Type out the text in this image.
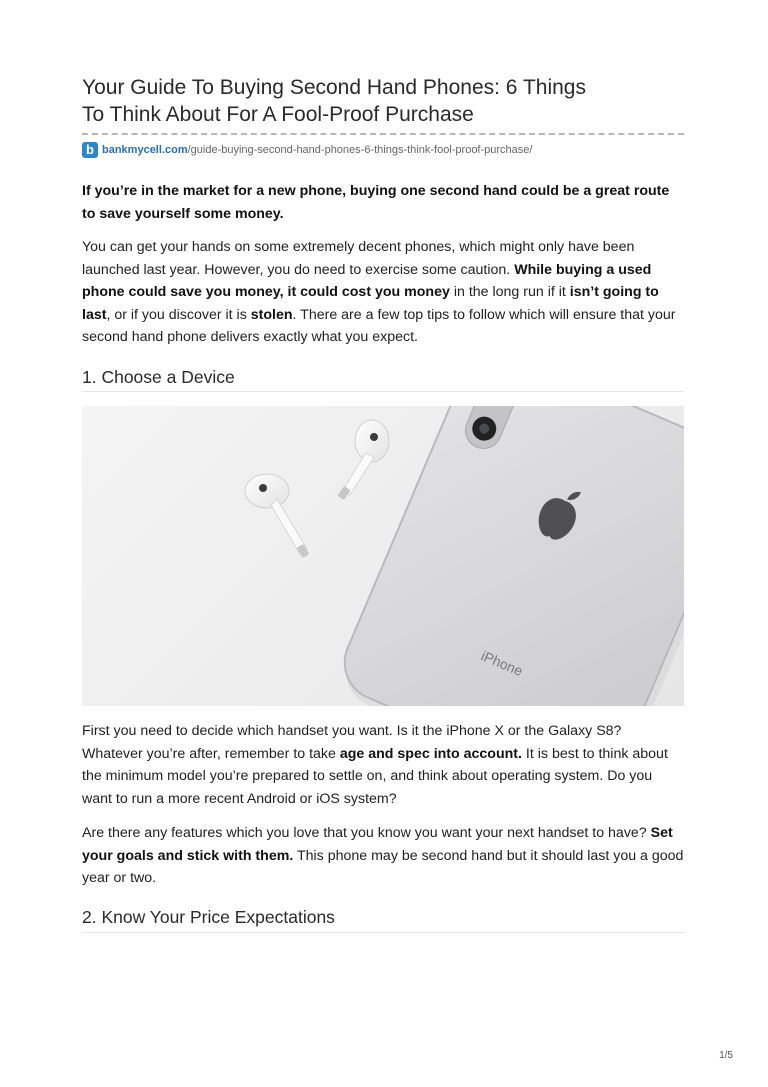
Your Guide To Buying Second Hand Phones: 6 Things
To Think About For A Fool-Proof Purchase
b bankmycell.com /guide-buying-second-hand-phones-6-things-think-fool-proof-purchase/

If you’re in the market for a new phone, buying one second hand could be a great route to save yourself some money.

You can get your hands on some extremely decent phones, which might only have been launched last year. However, you do need to exercise some caution. While buying a used phone could save you money, it could cost you money in the long run if it isn’t going to last, or if you discover it is stolen. There are a few top tips to follow which will ensure that your second hand phone delivers exactly what you expect.

1. Choose a Device
iPhone

First you need to decide which handset you want. Is it the iPhone X or the Galaxy S8? Whatever you’re after, remember to take age and spec into account. It is best to think about the minimum model you’re prepared to settle on, and think about operating system. Do you want to run a more recent Android or iOS system?

Are there any features which you love that you know you want your next handset to have? Set your goals and stick with them. This phone may be second hand but it should last you a good year or two.

2. Know Your Price Expectations
1/5
